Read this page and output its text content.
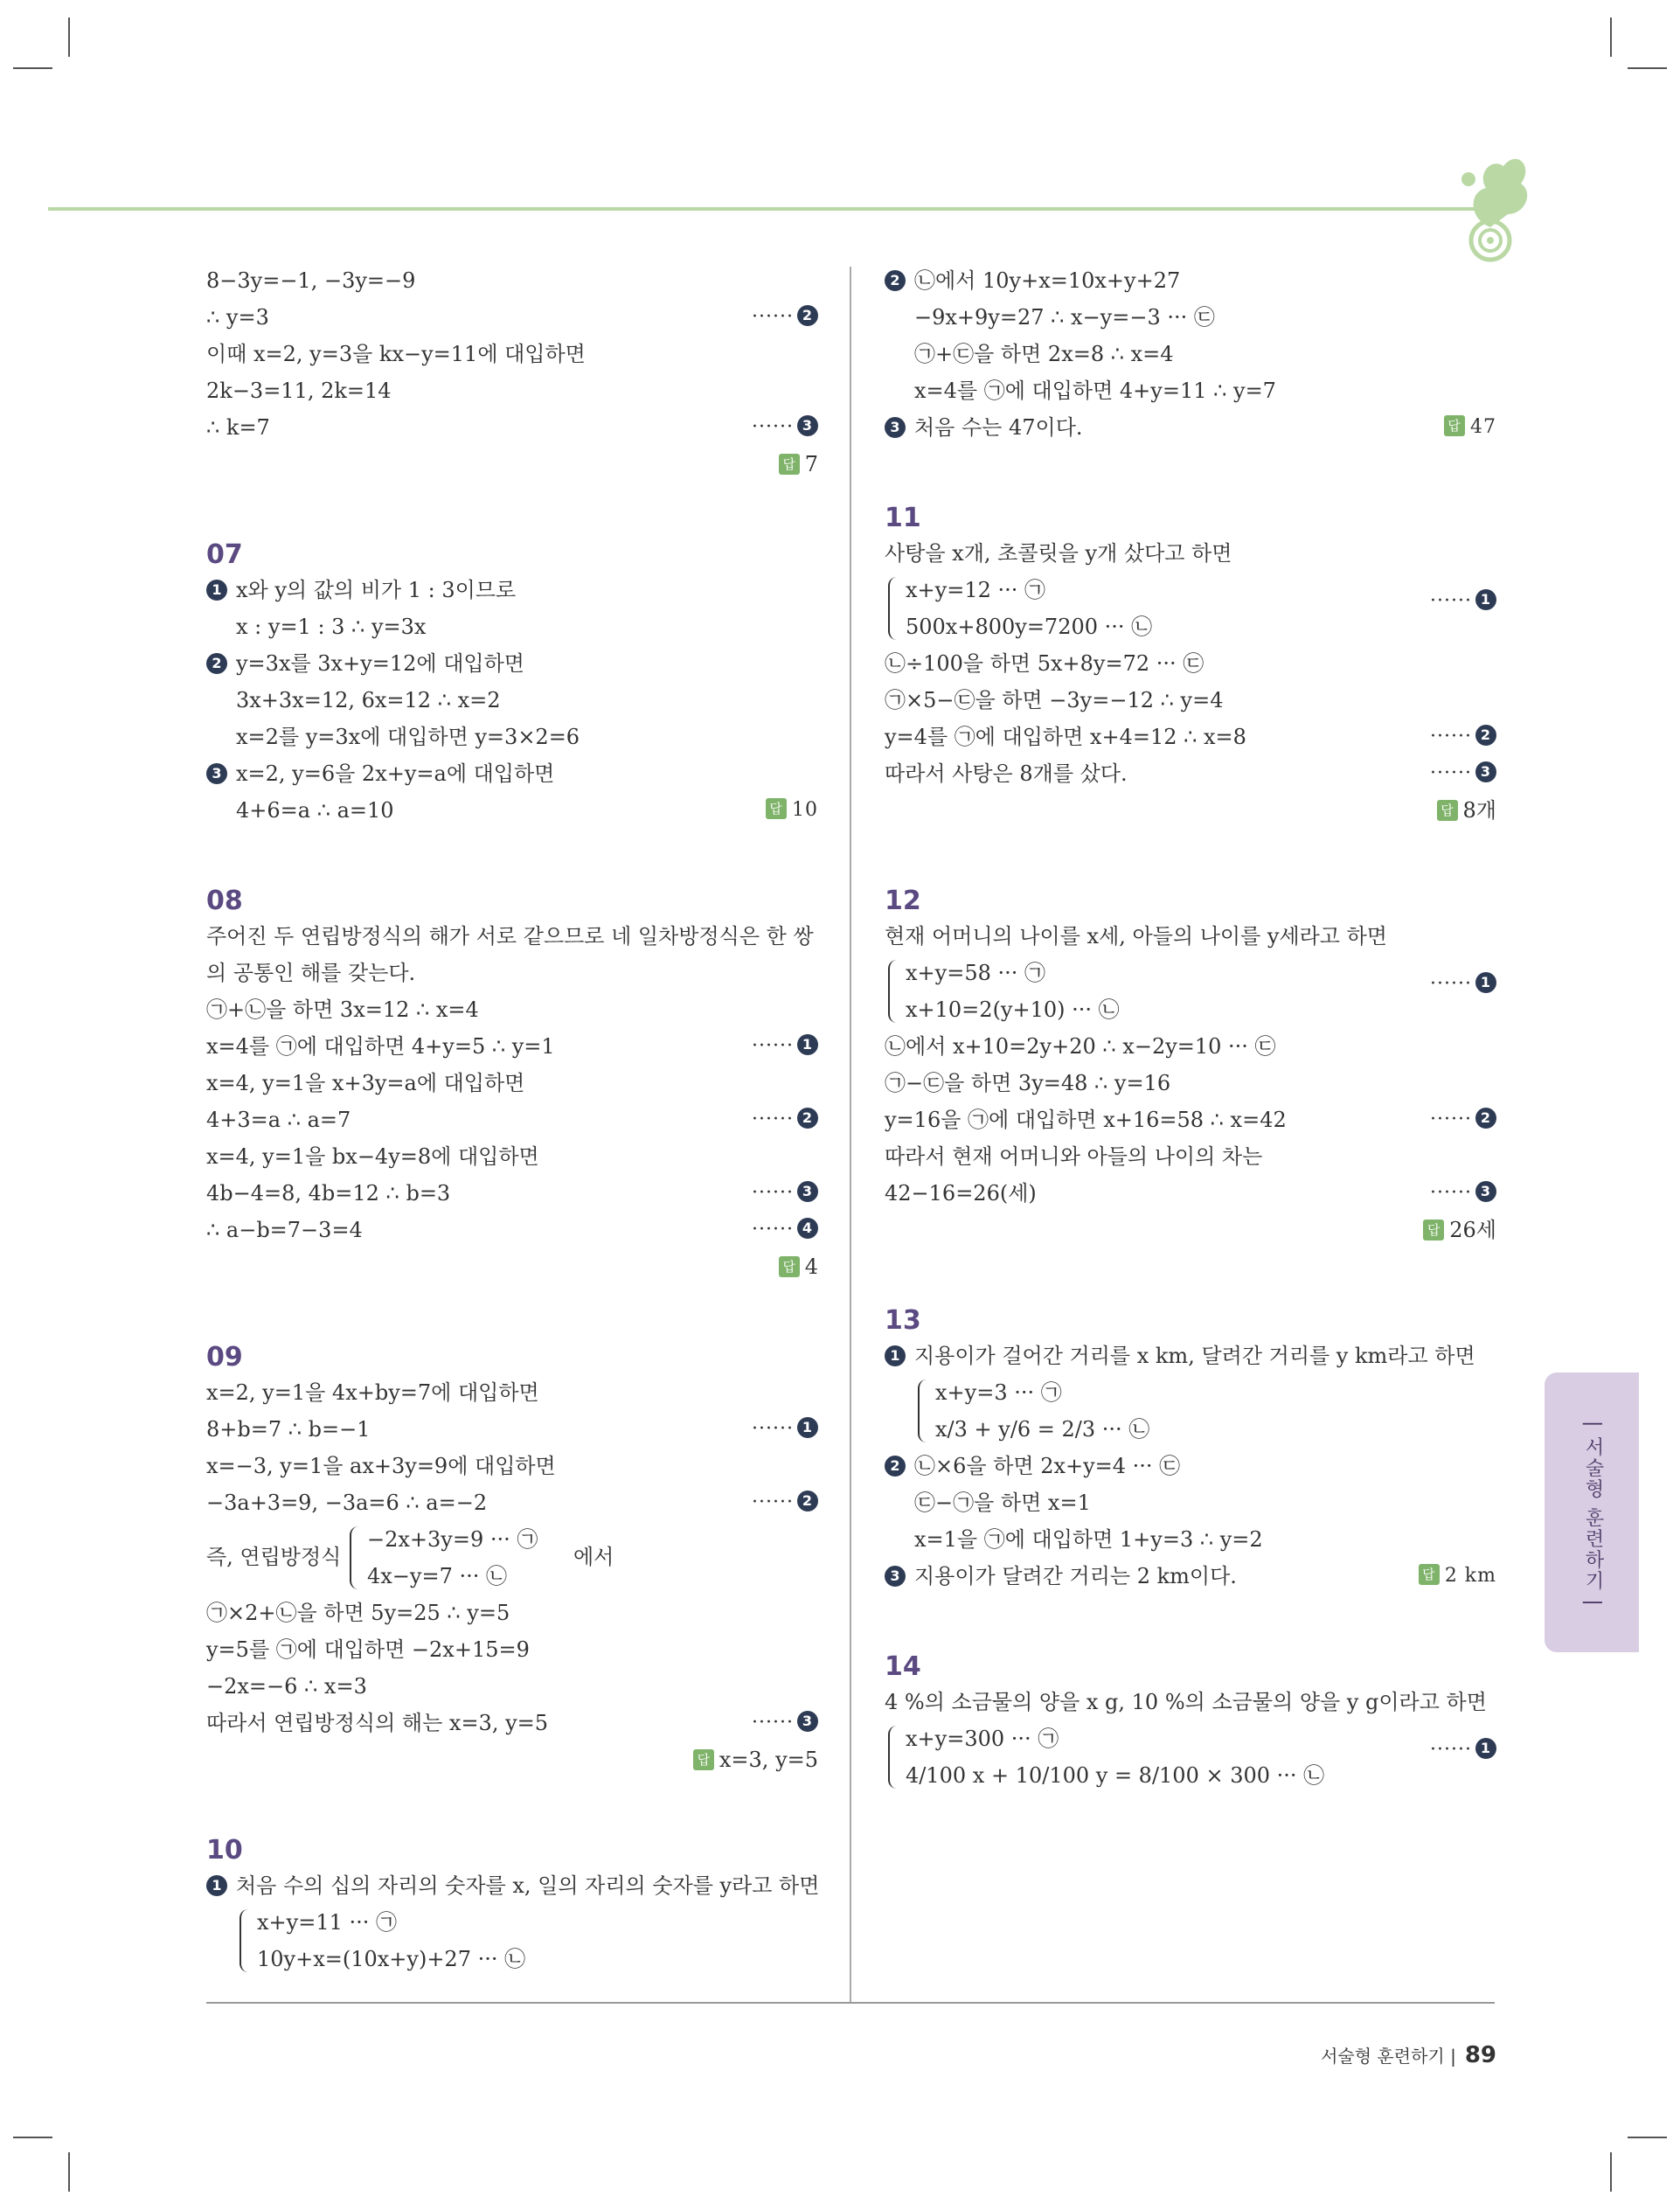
8−3y=−1, −3y=−9
∴ y=3	······ 2
이때 x=2, y=3을 kx−y=11에 대입하면
2k−3=11, 2k=14
∴ k=7	······ 3
답 7
07
1 x와 y의 값의 비가 1 : 3이므로
x : y=1 : 3 ∴ y=3x
2 y=3x를 3x+y=12에 대입하면
3x+3x=12, 6x=12 ∴ x=2
x=2를 y=3x에 대입하면 y=3×2=6
3 x=2, y=6을 2x+y=a에 대입하면
4+6=a ∴ a=10	답 10
08
주어진 두 연립방정식의 해가 서로 같으므로 네 일차방정식은 한 쌍
의 공통인 해를 갖는다.
㉠+㉡을 하면 3x=12 ∴ x=4
x=4를 ㉠에 대입하면 4+y=5 ∴ y=1	······ 1
x=4, y=1을 x+3y=a에 대입하면
4+3=a ∴ a=7	······ 2
x=4, y=1을 bx−4y=8에 대입하면
4b−4=8, 4b=12 ∴ b=3	······ 3
∴ a−b=7−3=4	······ 4
답 4
09
x=2, y=1을 4x+by=7에 대입하면
8+b=7 ∴ b=−1	······ 1
x=−3, y=1을 ax+3y=9에 대입하면
−3a+3=9, −3a=6 ∴ a=−2	······ 2
즉, 연립방정식
−2x+3y=9 ··· ㉠
4x−y=7 ··· ㉡
에서
㉠×2+㉡을 하면 5y=25 ∴ y=5
y=5를 ㉠에 대입하면 −2x+15=9
−2x=−6 ∴ x=3
따라서 연립방정식의 해는 x=3, y=5	······ 3
답 x=3, y=5
10
1 처음 수의 십의 자리의 숫자를 x, 일의 자리의 숫자를 y라고 하면
x+y=11 ··· ㉠
10y+x=(10x+y)+27 ··· ㉡
2 ㉡에서 10y+x=10x+y+27
−9x+9y=27 ∴ x−y=−3 ··· ㉢
㉠+㉢을 하면 2x=8 ∴ x=4
x=4를 ㉠에 대입하면 4+y=11 ∴ y=7
3 처음 수는 47이다.	답 47
11
사탕을 x개, 초콜릿을 y개 샀다고 하면
x+y=12 ··· ㉠
500x+800y=7200 ··· ㉡
······ 1
㉡÷100을 하면 5x+8y=72 ··· ㉢
㉠×5−㉢을 하면 −3y=−12 ∴ y=4
y=4를 ㉠에 대입하면 x+4=12 ∴ x=8	······ 2
따라서 사탕은 8개를 샀다.	······ 3
답 8개
12
현재 어머니의 나이를 x세, 아들의 나이를 y세라고 하면
x+y=58 ··· ㉠
x+10=2(y+10) ··· ㉡
······ 1
㉡에서 x+10=2y+20 ∴ x−2y=10 ··· ㉢
㉠−㉢을 하면 3y=48 ∴ y=16
y=16을 ㉠에 대입하면 x+16=58 ∴ x=42	······ 2
따라서 현재 어머니와 아들의 나이의 차는
42−16=26(세)	······ 3
답 26세
13
1 지용이가 걸어간 거리를 x km, 달려간 거리를 y km라고 하면
x+y=3 ··· ㉠
x/3 + y/6 = 2/3 ··· ㉡
2 ㉡×6을 하면 2x+y=4 ··· ㉢
㉢−㉠을 하면 x=1
x=1을 ㉠에 대입하면 1+y=3 ∴ y=2
3 지용이가 달려간 거리는 2 km이다.	답 2 km
14
4 %의 소금물의 양을 x g, 10 %의 소금물의 양을 y g이라고 하면
x+y=300 ··· ㉠
4/100 x + 10/100 y = 8/100 × 300 ··· ㉡
······ 1
| 서술형 훈련하기 |
서술형 훈련하기 | 89
